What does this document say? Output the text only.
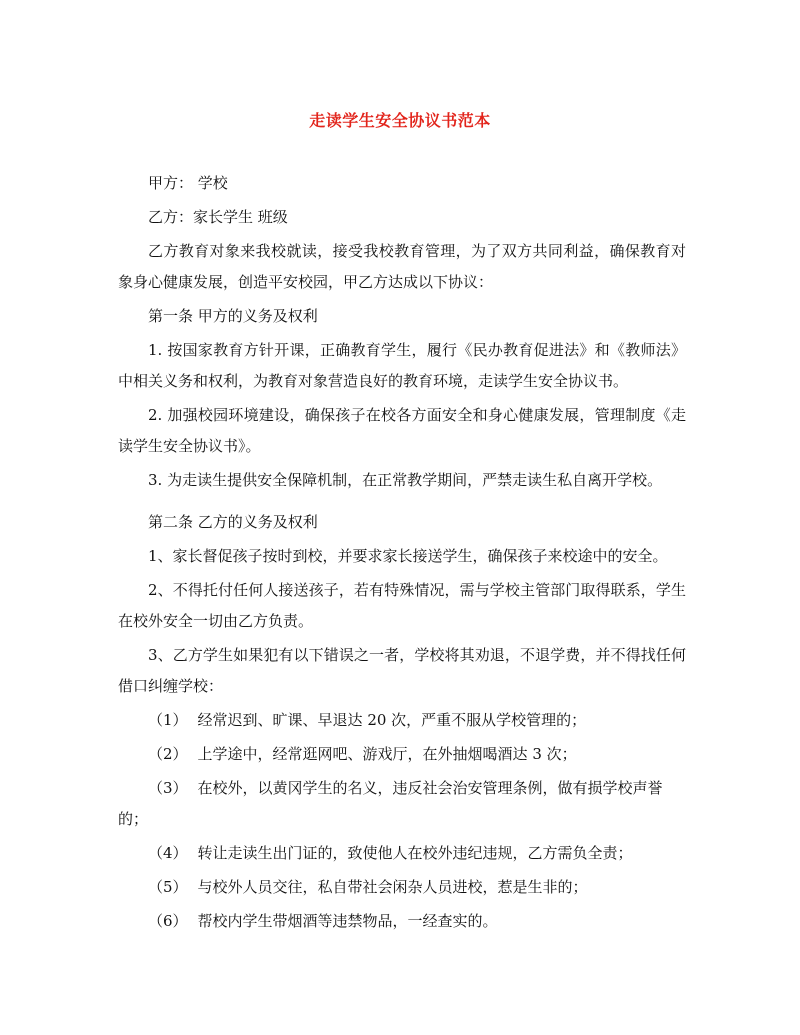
走读学生安全协议书范本

甲方： 学校

乙方：家长学生 班级

乙方教育对象来我校就读，接受我校教育管理，为了双方共同利益，确保教育对象身心健康发展，创造平安校园，甲乙方达成以下协议：

第一条 甲方的义务及权利

1. 按国家教育方针开课，正确教育学生，履行《民办教育促进法》和《教师法》中相关义务和权利，为教育对象营造良好的教育环境，走读学生安全协议书。

2. 加强校园环境建设，确保孩子在校各方面安全和身心健康发展，管理制度《走读学生安全协议书》。

3. 为走读生提供安全保障机制，在正常教学期间，严禁走读生私自离开学校。

第二条 乙方的义务及权利

1、家长督促孩子按时到校，并要求家长接送学生，确保孩子来校途中的安全。

2、不得托付任何人接送孩子，若有特殊情况，需与学校主管部门取得联系，学生在校外安全一切由乙方负责。

3、乙方学生如果犯有以下错误之一者，学校将其劝退，不退学费，并不得找任何借口纠缠学校：

（1） 经常迟到、旷课、早退达 20 次，严重不服从学校管理的；

（2） 上学途中，经常逛网吧、游戏厅，在外抽烟喝酒达 3 次；

（3） 在校外，以黄冈学生的名义，违反社会治安管理条例，做有损学校声誉的；

（4） 转让走读生出门证的，致使他人在校外违纪违规，乙方需负全责；

（5） 与校外人员交往，私自带社会闲杂人员进校，惹是生非的；

（6） 帮校内学生带烟酒等违禁物品，一经查实的。
